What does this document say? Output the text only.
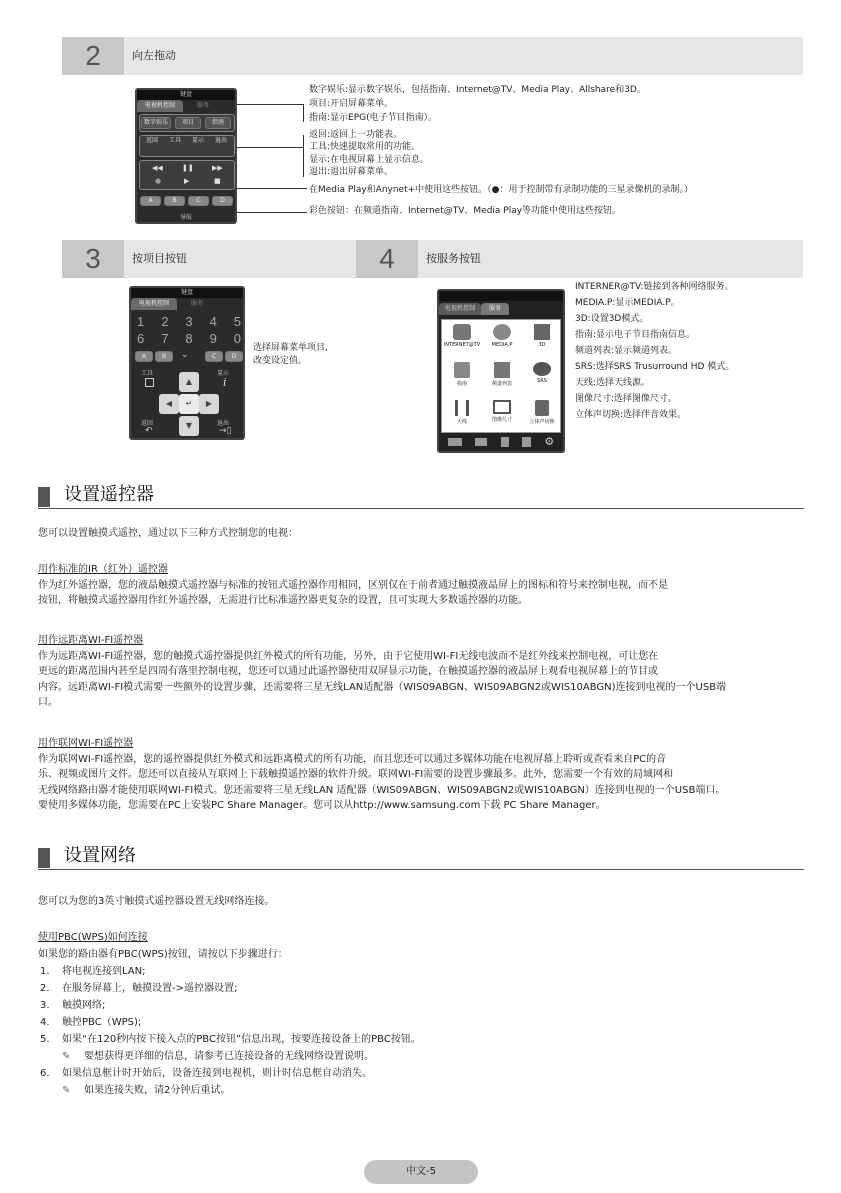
2	向左拖动
键盘
电视机控制	服务
数字娱乐	项目	指南
返回	工具	显示	退出
◀◀	❚❚	▶▶
●	▶	■
A	B	C	D
导航
数字娱乐:显示数字娱乐，包括指南、Internet@TV、Media Play、Allshare和3D。
项目:开启屏幕菜单。
指南:显示EPG(电子节目指南）。
返回:返回上一功能表。
工具:快速提取常用的功能。
显示:在电视屏幕上显示信息。
退出:退出屏幕菜单。
在Media Play和Anynet+中使用这些按钮。（●：用于控制带有录制功能的三星录像机的录制。）
彩色按钮：在频道指南、Internet@TV、Media Play等功能中使用这些按钮。
3	按项目按钮
键盘
电视机控制	服务
1 2 3 4 5
6 7 8 9 0
A	B	⌄	C	D
工具	显示
i
返回
↶
退出
→▯
▲
◀	↵	▶
▼
选择屏幕菜单项目,
改变设定值。
4	按服务按钮
电视机控制	服务
INTERNET@TV	MEDIA.P	3D
指南	频道列表	SRS
天线	图像尺寸	立体声切换
⚙
INTERNER@TV:链接到各种网络服务。
MEDIA.P:显示MEDIA.P。
3D:设置3D模式。
指南:显示电子节目指南信息。
频道列表:显示频道列表。
SRS:选择SRS Trusurround HD 模式。
天线:选择天线源。
图像尺寸:选择图像尺寸。
立体声切换:选择伴音效果。
设置遥控器
您可以设置触摸式遥控，通过以下三种方式控制您的电视：
用作标准的IR（红外）遥控器
作为红外遥控器，您的液晶触摸式遥控器与标准的按钮式遥控器作用相同，区别仅在于前者通过触摸液晶屏上的图标和符号来控制电视，而不是
按钮，将触摸式遥控器用作红外遥控器，无需进行比标准遥控器更复杂的设置，且可实现大多数遥控器的功能。
用作远距离WI-FI遥控器
作为远距离WI-FI遥控器，您的触摸式遥控器提供红外模式的所有功能，另外，由于它使用WI-FI无线电波而不是红外线来控制电视，可让您在
更远的距离范围内甚至是四周有落里控制电视，您还可以通过此遥控器使用双屏显示功能，在触摸遥控器的液晶屏上观看电视屏幕上的节目或
内容。远距离WI-FI模式需要一些额外的设置步骤，还需要将三星无线LAN适配器（WIS09ABGN、WIS09ABGN2或WIS10ABGN)连接到电视的一个USB端
口。
用作联网WI-FI遥控器
作为联网WI-FI遥控器，您的遥控器提供红外模式和远距离模式的所有功能，而且您还可以通过多媒体功能在电视屏幕上聆听或查看来自PC的音
乐、视频或图片文件。您还可以直接从互联网上下载触摸遥控器的软件升级。联网WI-FI需要的设置步骤最多。此外，您需要一个有效的局域网和
无线网络路由器才能使用联网WI-FI模式。您还需要将三星无线LAN 适配器（WIS09ABGN、WIS09ABGN2或WIS10ABGN）连接到电视的一个USB端口。
要使用多媒体功能，您需要在PC上安装PC Share Manager。您可以从http://www.samsung.com下载 PC Share Manager。
设置网络
您可以为您的3英寸触摸式遥控器设置无线网络连接。
使用PBC(WPS)如何连接
如果您的路由器有PBC(WPS)按钮，请按以下步骤进行：
1. 将电视连接到LAN;
2. 在服务屏幕上，触摸设置->遥控器设置;
3. 触摸网络;
4. 触控PBC（WPS);
5. 如果“在120秒内按下接入点的PBC按钮”信息出现，按要连接设备上的PBC按钮。
✎ 要想获得更详细的信息，请参考已连接设备的无线网络设置说明。
6. 如果信息框计时开始后，设备连接到电视机，则计时信息框自动消失。
✎ 如果连接失败，请2分钟后重试。
中文-5
